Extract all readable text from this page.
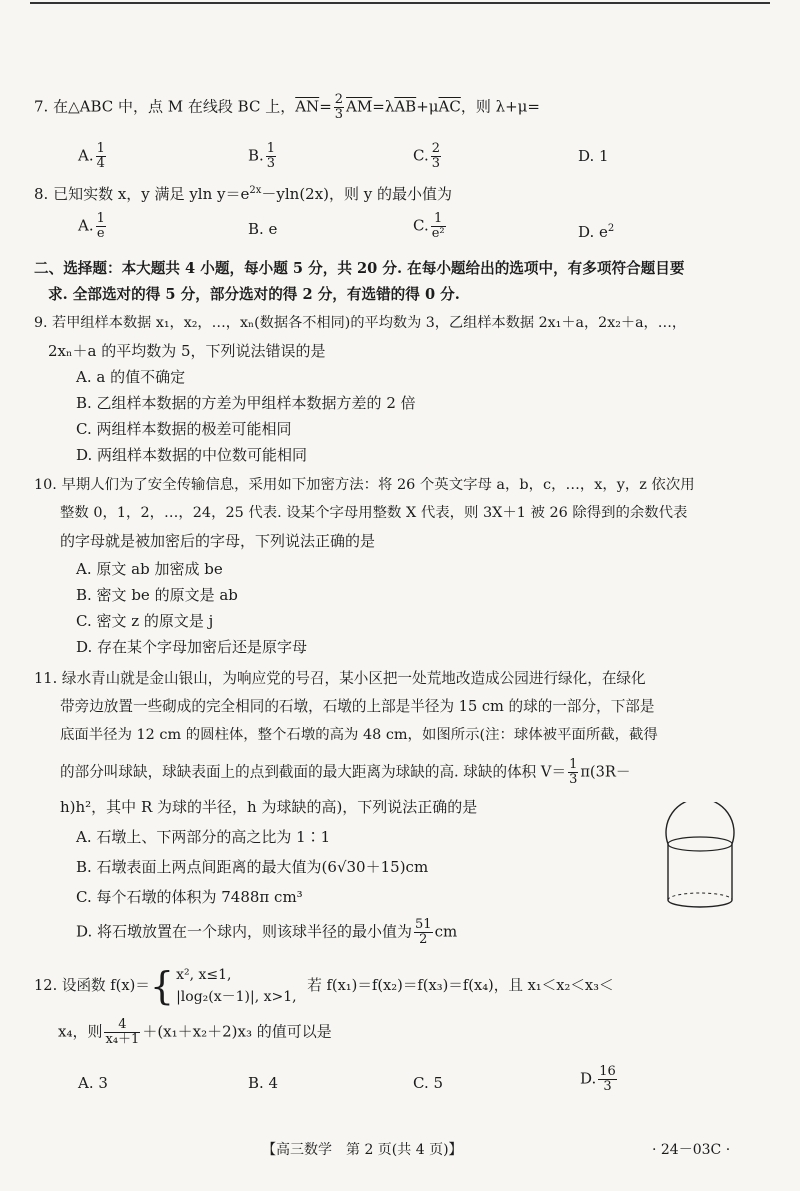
7. 在△ABC 中，点 M 在线段 BC 上，$\overline{AN}= \frac{2}{3} \overline{AM}=\lambda\overline{AB}+\mu\overline{AC}$，则 λ+μ=
A. $\frac{1}{4}$	B. $\frac{1}{3}$	C. $\frac{2}{3}$	D. 1
8. 已知实数 x，y 满足 yln $y=e^{2x}-yln(2x)$，则 y 的最小值为
A. $\frac{1}{e}$	B. e	C. $\frac{1}{\text{e²}}$	D. $e^2$
二、选择题：本大题共 4 小题，每小题 5 分，共 20 分. 在每小题给出的选项中，有多项符合题目要
求. 全部选对的得 5 分，部分选对的得 2 分，有选错的得 0 分.
9. 若甲组样本数据 x₁，x₂，…，xₙ(数据各不相同)的平均数为 3，乙组样本数据 2x₁＋a，2x₂＋a，…，
2xₙ＋a 的平均数为 5，下列说法错误的是
A. a 的值不确定
B. 乙组样本数据的方差为甲组样本数据方差的 2 倍
C. 两组样本数据的极差可能相同
D. 两组样本数据的中位数可能相同
10. 早期人们为了安全传输信息，采用如下加密方法：将 26 个英文字母 a，b，c，…，x，y，z 依次用
整数 0，1，2，…，24，25 代表. 设某个字母用整数 X 代表，则 3X＋1 被 26 除得到的余数代表
的字母就是被加密后的字母，下列说法正确的是
A. 原文 ab 加密成 be
B. 密文 be 的原文是 ab
C. 密文 z 的原文是 j
D. 存在某个字母加密后还是原字母
11. 绿水青山就是金山银山，为响应党的号召，某小区把一处荒地改造成公园进行绿化，在绿化
带旁边放置一些砌成的完全相同的石墩，石墩的上部是半径为 15 cm 的球的一部分，下部是
底面半径为 12 cm 的圆柱体，整个石墩的高为 48 cm，如图所示(注：球体被平面所截，截得
的部分叫球缺，球缺表面上的点到截面的最大距离为球缺的高. 球缺的体积 $V= \frac{1}{3} \pi(3R-$
h)h²，其中 R 为球的半径，h 为球缺的高)，下列说法正确的是
A. 石墩上、下两部分的高之比为 1∶1
B. 石墩表面上两点间距离的最大值为(6√30＋15)cm
C. 每个石墩的体积为 7488π cm³
D. 将石墩放置在一个球内，则该球半径的最小值为 $\frac{51}{2}$ cm
12. 设函数 f(x)＝{ x², x≤1,
|log₂(x－1)|, x>1,
若 f(x₁)＝f(x₂)＝f(x₃)＝f(x₄)，且 x₁＜x₂＜x₃＜
x₄，则 $\frac{4}{\text{x₄＋1}} +(x_1+x_2+2)x_3$ 的值可以是
A. 3	B. 4	C. 5	D. $\frac{16}{3}$
【高三数学　第 2 页(共 4 页)】	· 24－03C ·
